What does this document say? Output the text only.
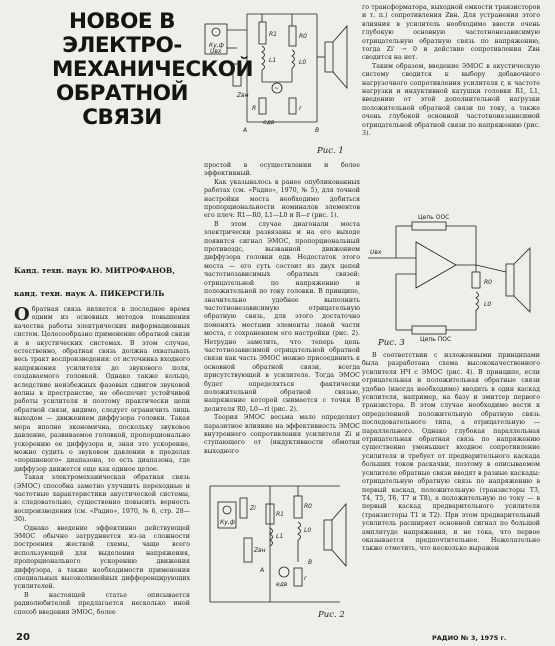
НОВОЕ В ЭЛЕКТРО-МЕХАНИЧЕСКОЙ ОБРАТНОЙ СВЯЗИ
Канд. техн. наук Ю. МИТРОФАНОВ,
канд. техн. наук А. ПИКЕРСГИЛЬ

Обратная связь является в последнее время одним из основных методов повышения качества работы электрических информационных систем. Целесообразно применение обратной связи и в акустических системах. В этом случае, естественно, обратная связь должна охватывать весь тракт воспроизведения: от источника входного напряжения усилителя до звукового поля, создаваемого головкой. Однако также кольцо, вследствие неизбежных фазовых сдвигов звуковой волны в пространстве, не обеспечит устойчивой работы усилителя и поэтому практически цепи обратной связи, видимо, следует ограничить лишь выходом — движением диффузора головки. Такая мера вполне экономична, поскольку звуковое давление, развиваемое головкой, пропорционально ускорению ее диффузора и, зная это ускорение, можно судить о звуковом давлении в пределах «поршневого» диапазона, то есть диапазона, где диффузор движется еще как единое целое.

Такая электромеханическая обратная связь (ЭМОС) способна заметно улучшить переходные и частотные характеристики акустической системы, а следовательно, существенно повысить верность воспроизведения (см. «Радио», 1970, № 6, стр. 28—30).

Однако введение эффективно действующей ЭМОС обычно затрудняется из-за сложности построения жесткой схемы, чаще всего использующей для выделения напряжения, пропорционального ускорению движения диффузора, а также необходимости применения специальных высоколинейных дифференцирующих усилителей.

В настоящей статье описывается радиолюбителей предлагается несколько иной способ введения ЭМОС, более

Ку,ф
Uвх
R1
L1
R0
L0
Zвн
~
R	r
eдв
A	B
Рис. 1

простой в осуществлении и более эффективный.

Как указывалось в ранее опубликованных работах (см. «Радио», 1970, № 5), для точной настройки моста необходимо добиться пропорциональности номиналов элементов его плеч: R1—R0, L1—L0 и R—r (рис. 1).

В этом случае диагонали моста электрически развязаны и на его выходе появится сигнал ЭМОС, пропорциональный противоэдс, вызванной движением диффузора головки eдв. Недостаток этого моста — его суть состоит из двух цепей частотнозависимых обратных связей: отрицательной по напряжению и положительной по току головки. В принципе, значительно удобнее выполнить частотнонезависимую отрицательную обратную связь, для этого достаточно поменять местами элементы левой части моста, с сохранением его настройки (рис. 2). Нетрудно заметить, что теперь цепь частотнозависимой отрицательной обратной связи как часть ЭМОС можно присоединить к основной обратной связи, всегда присутствующей в усилителе. Тогда ЭМОС будет определяться фактически положительной обратной связью, напряжение которой снимается с точки В делителя R0, L0—rl (рис. 2).

Теория ЭМОС весьма мало определяет паразитное влияние на эффективность ЭМОС внутреннего сопротивления усилителя Zi и ступающего от (индуктивности обмотки выходного

Ку,ф
Zi
Zвн
R1
L1
R0
L0
eдв
r
A
B
Рис. 2

го трансформатора, выходной емкости транзисторов и т. п.) сопротивления Zвн. Для устранения этого влияния в усилитель необходимо ввести очень глубокую основную частотнонезависимую отрицательную обратную связь по напряжению, тогда Zi' → 0 и действие сопротивления Zвн сводится на нет.

Таким образом, введение ЭМОС в акустическую систему сводится к выбору добавочного нагрузочного сопротивления усилителя r, к частоте нагрузки и индуктивной катушки головки R1, L1, введению от этой дополнительной нагрузки положительной обратной связи по току, а также очень глубокой основной частотнонезависимой отрицательной обратной связи по напряжению (рис. 3).

Цепь ООС
Uвх
R0
L0
Цепь ПОС
Рис. 3

В соответствии с изложенными принципами была разработана схема высококачественного усилителя НЧ с ЭМОС (рис. 4). В принципе, если отрицательная и положительная обратные связи удобно (иногда необходимо) вводить в один каскад усилителя, например, на базу и эмиттер первого транзистора. В этом случае необходимо вести к определенной положительную обратную связь последовательного типа, а отрицательную — параллельного. Однако глубокая параллельная отрицательная обратная связь по напряжению существенно уменьшает входное сопротивление усилителя и требует от предварительного каскада больших токов раскачки, поэтому в описываемом усилителе обратные связи вводят в разные каскады: отрицательную обратную связь по напряжению в первый каскад, положительную (транзисторы Т3, Т4, Т5, Т6, Т7 и Т8), а положительную по току — в первый каскад предварительного усилителя (транзисторы Т1 и Т2). При этом предварительный усилитель расширяет основной сигнал по большой амплитуде напряжения, и не тока, что первое оказывается предпочтительнее. Нежелательно также отметить, что несколько выражен

20	РАДИО № 3, 1975 г.
